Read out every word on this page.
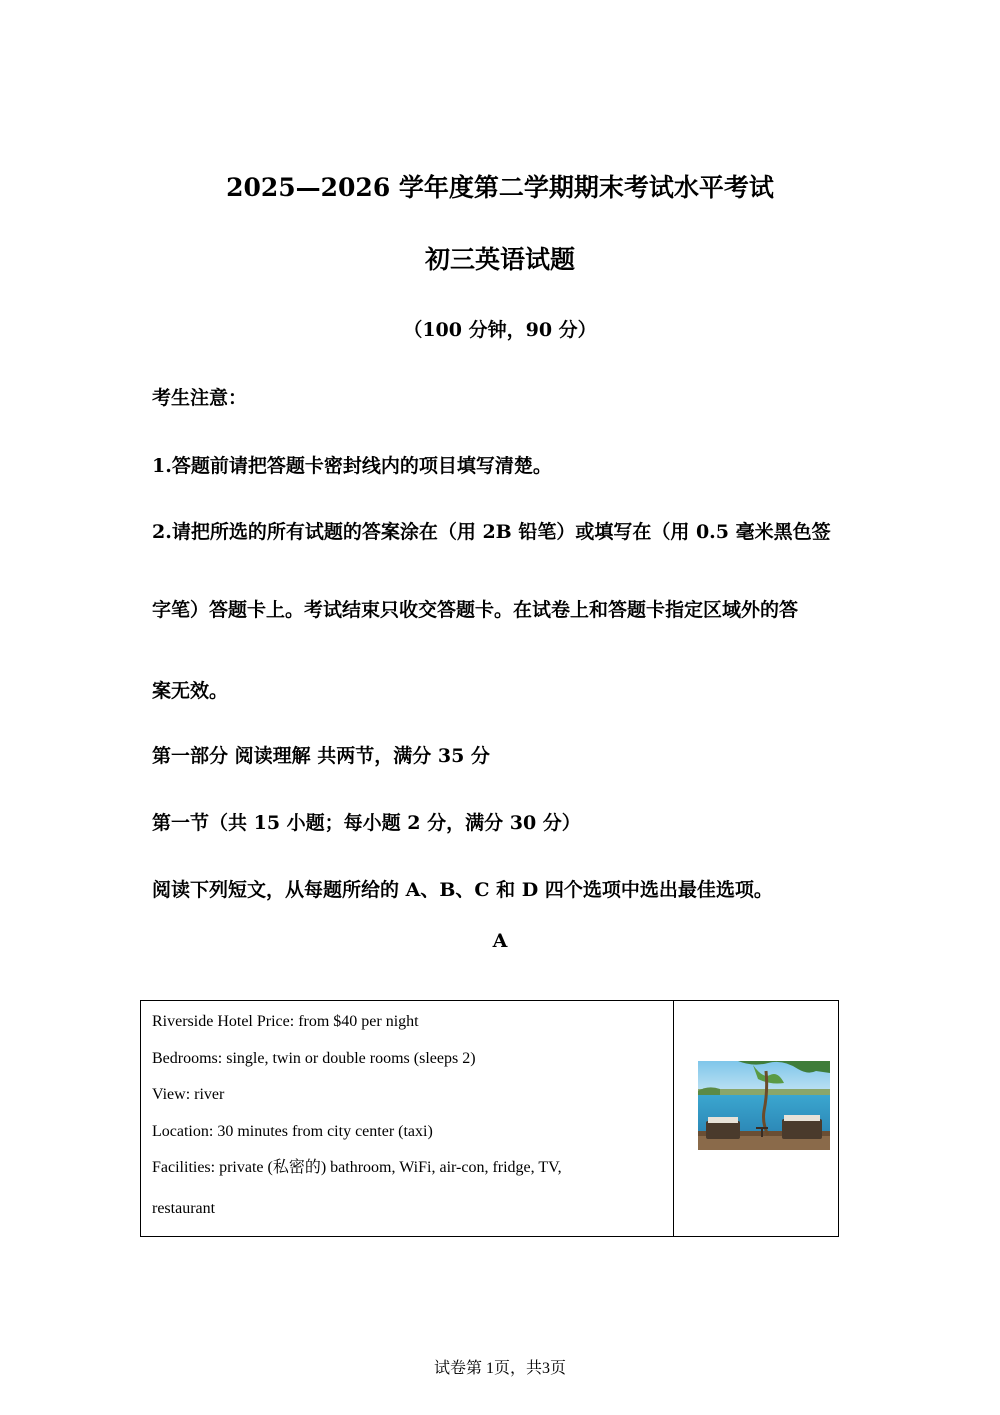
2025—2026 学年度第二学期期末考试水平考试
初三英语试题
（100 分钟，90 分）
考生注意：
1.答题前请把答题卡密封线内的项目填写清楚。
2.请把所选的所有试题的答案涂在（用 2B 铅笔）或填写在（用 0.5 毫米黑色签
字笔）答题卡上。考试结束只收交答题卡。在试卷上和答题卡指定区域外的答
案无效。
第一部分 阅读理解 共两节，满分 35 分
第一节（共 15 小题；每小题 2 分，满分 30 分）
阅读下列短文，从每题所给的 A、B、C 和 D 四个选项中选出最佳选项。
A
Riverside Hotel Price: from $40 per night
Bedrooms: single, twin or double rooms (sleeps 2)
View: river
Location: 30 minutes from city center (taxi)
Facilities: private (私密的) bathroom, WiFi, air-con, fridge, TV,
restaurant
试卷第 1页，共3页
